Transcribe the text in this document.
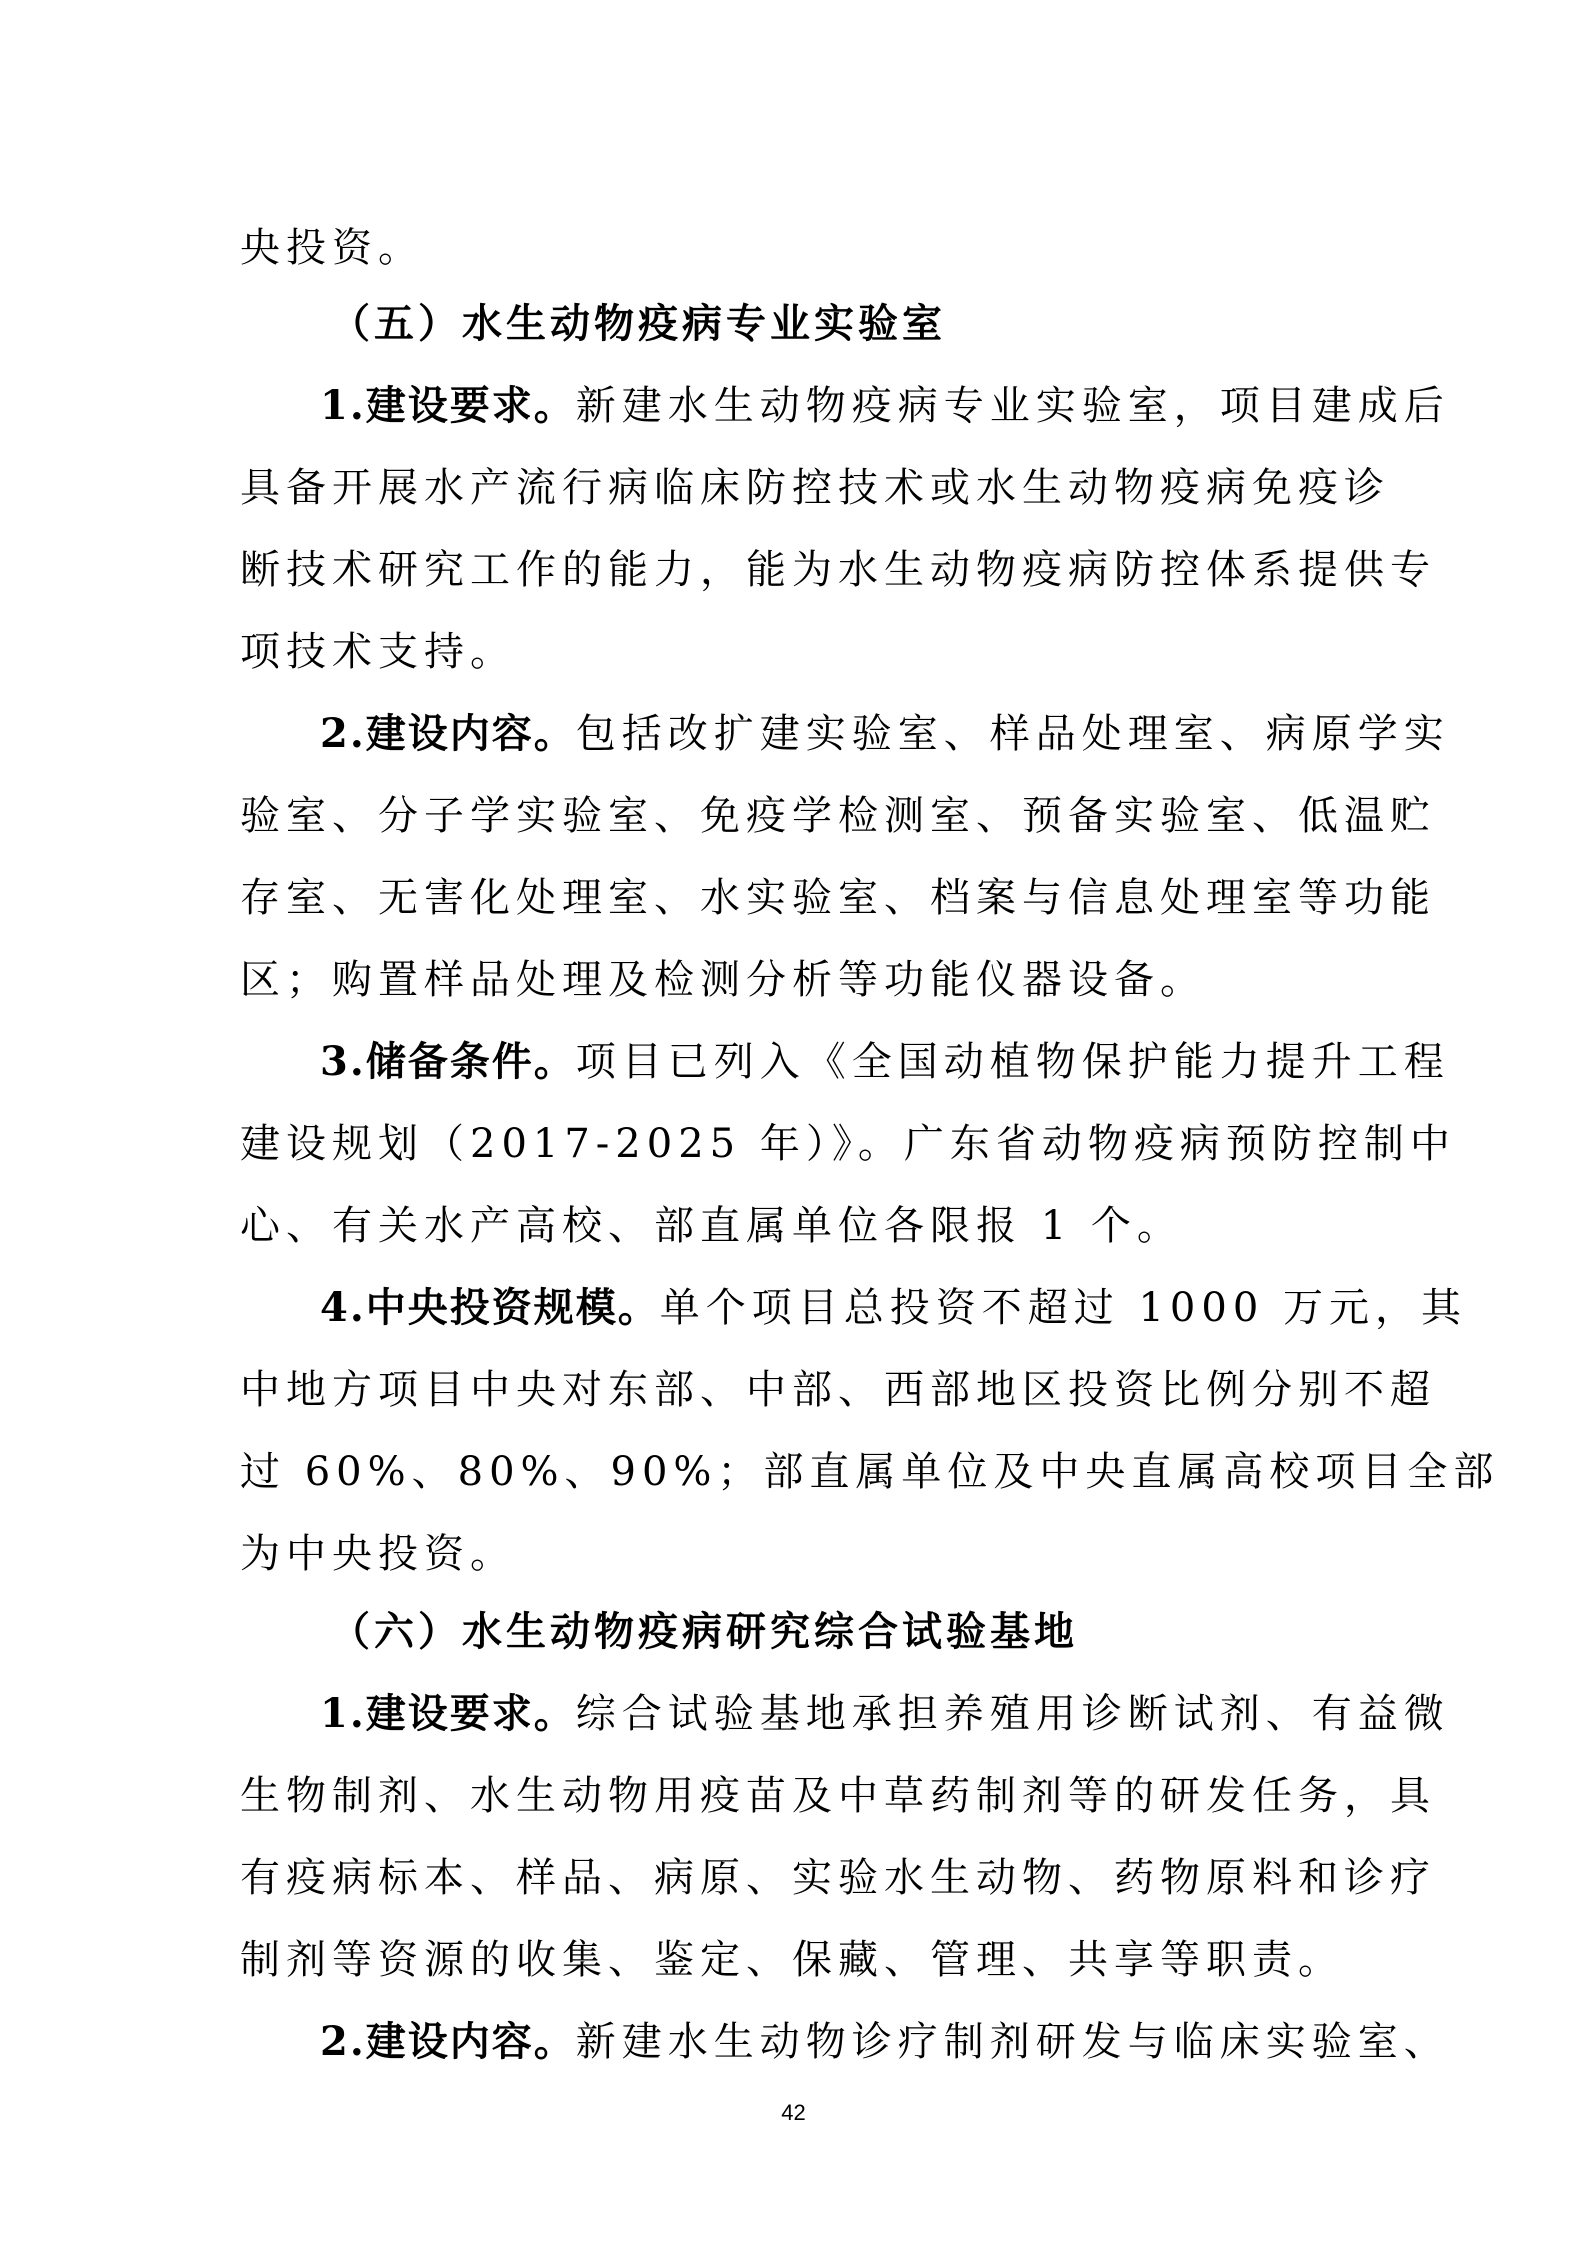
央投资。
（五）水生动物疫病专业实验室
1.建设要求。新建水生动物疫病专业实验室，项目建成后
具备开展水产流行病临床防控技术或水生动物疫病免疫诊
断技术研究工作的能力，能为水生动物疫病防控体系提供专
项技术支持。
2.建设内容。包括改扩建实验室、样品处理室、病原学实
验室、分子学实验室、免疫学检测室、预备实验室、低温贮
存室、无害化处理室、水实验室、档案与信息处理室等功能
区；购置样品处理及检测分析等功能仪器设备。
3.储备条件。项目已列入《全国动植物保护能力提升工程
建设规划（2017-2025 年）》。广东省动物疫病预防控制中
心、有关水产高校、部直属单位各限报 1 个。
4.中央投资规模。单个项目总投资不超过 1000 万元，其
中地方项目中央对东部、中部、西部地区投资比例分别不超
过 60%、80%、90%；部直属单位及中央直属高校项目全部
为中央投资。
（六）水生动物疫病研究综合试验基地
1.建设要求。综合试验基地承担养殖用诊断试剂、有益微
生物制剂、水生动物用疫苗及中草药制剂等的研发任务，具
有疫病标本、样品、病原、实验水生动物、药物原料和诊疗
制剂等资源的收集、鉴定、保藏、管理、共享等职责。
2.建设内容。新建水生动物诊疗制剂研发与临床实验室、
42
